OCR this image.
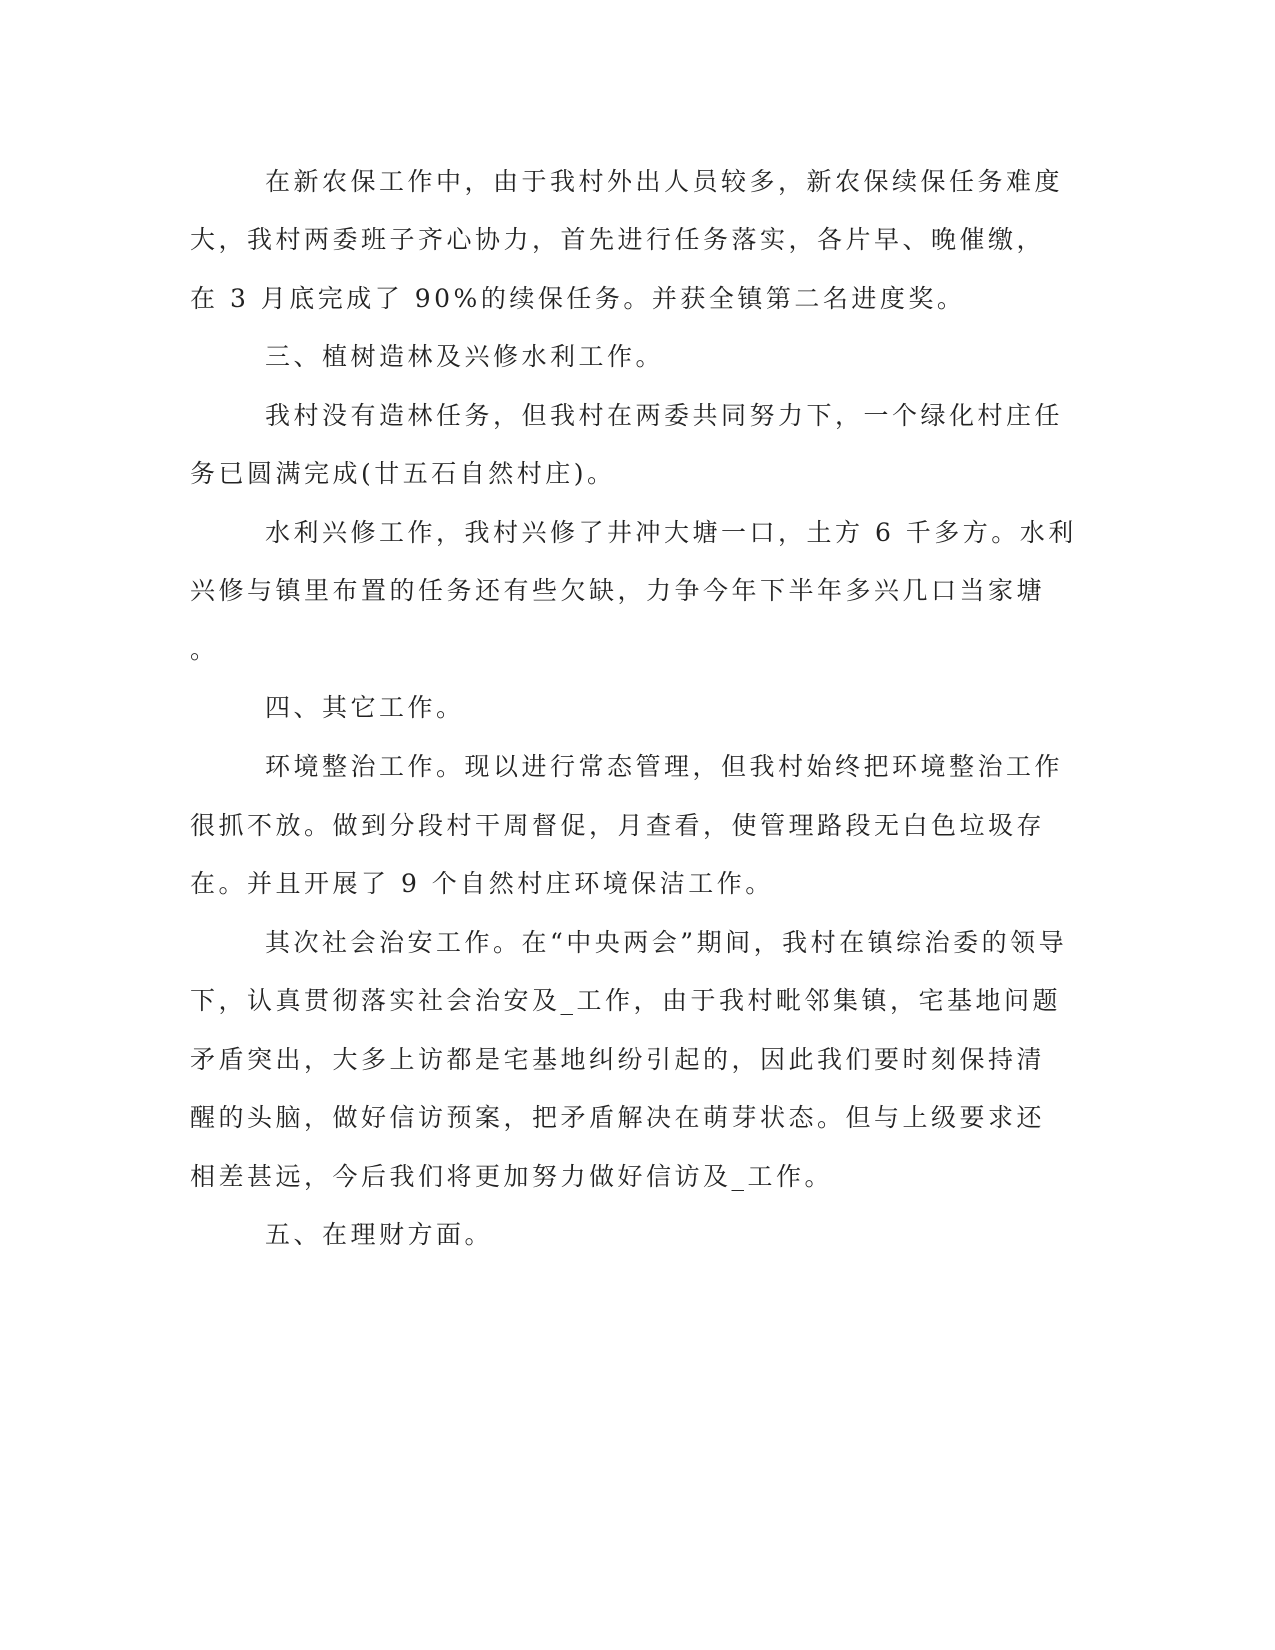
在新农保工作中，由于我村外出人员较多，新农保续保任务难度

大，我村两委班子齐心协力，首先进行任务落实，各片早、晚催缴，

在 3 月底完成了 90%的续保任务。并获全镇第二名进度奖。

三、植树造林及兴修水利工作。

我村没有造林任务，但我村在两委共同努力下，一个绿化村庄任

务已圆满完成(廿五石自然村庄)。

水利兴修工作，我村兴修了井冲大塘一口，土方 6 千多方。水利

兴修与镇里布置的任务还有些欠缺，力争今年下半年多兴几口当家塘

。

四、其它工作。

环境整治工作。现以进行常态管理，但我村始终把环境整治工作

很抓不放。做到分段村干周督促，月查看，使管理路段无白色垃圾存

在。并且开展了 9 个自然村庄环境保洁工作。

其次社会治安工作。在“中央两会”期间，我村在镇综治委的领导

下，认真贯彻落实社会治安及_工作，由于我村毗邻集镇，宅基地问题

矛盾突出，大多上访都是宅基地纠纷引起的，因此我们要时刻保持清

醒的头脑，做好信访预案，把矛盾解决在萌芽状态。但与上级要求还

相差甚远，今后我们将更加努力做好信访及_工作。

五、在理财方面。
